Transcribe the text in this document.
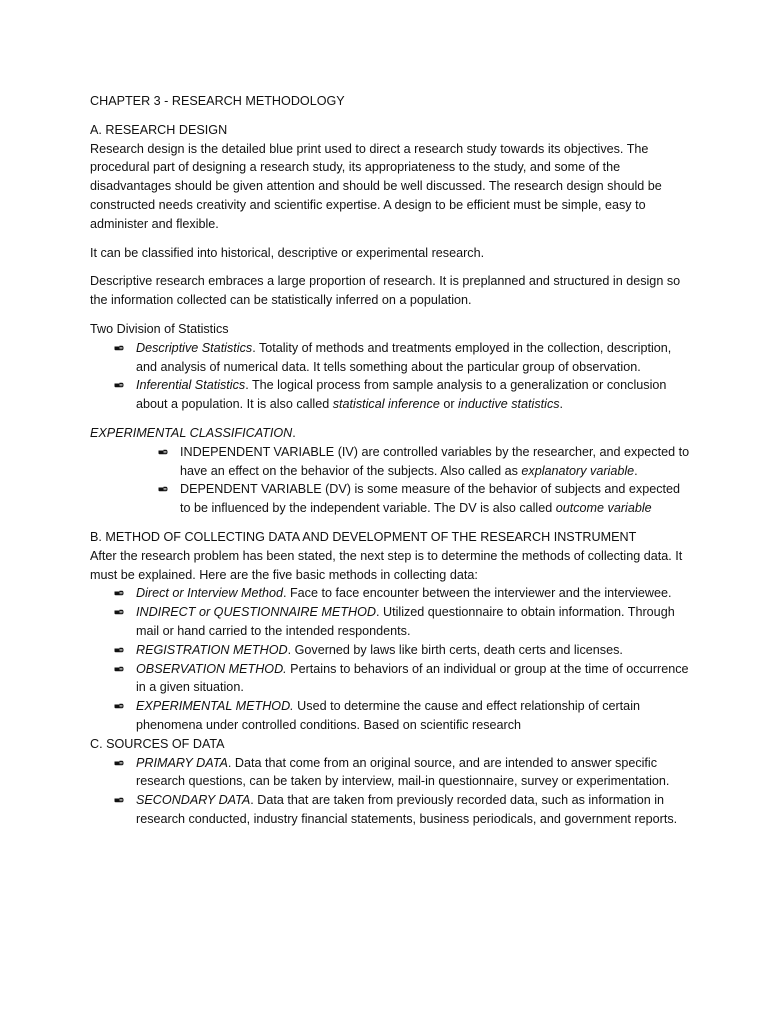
CHAPTER 3 - RESEARCH METHODOLOGY

A. RESEARCH DESIGN

Research design is the detailed blue print used to direct a research study towards its objectives. The procedural part of designing a research study, its appropriateness to the study, and some of the disadvantages should be given attention and should be well discussed. The research design should be constructed needs creativity and scientific expertise. A design to be efficient must be simple, easy to administer and flexible.

It can be classified into historical, descriptive or experimental research.

Descriptive research embraces a large proportion of research. It is preplanned and structured in design so the information collected can be statistically inferred on a population.

Two Division of Statistics

Descriptive Statistics. Totality of methods and treatments employed in the collection, description, and analysis of numerical data. It tells something about the particular group of observation.
Inferential Statistics. The logical process from sample analysis to a generalization or conclusion about a population. It is also called statistical inference or inductive statistics.

EXPERIMENTAL CLASSIFICATION.

INDEPENDENT VARIABLE (IV) are controlled variables by the researcher, and expected to have an effect on the behavior of the subjects. Also called as explanatory variable.
DEPENDENT VARIABLE (DV) is some measure of the behavior of subjects and expected to be influenced by the independent variable. The DV is also called outcome variable

B. METHOD OF COLLECTING DATA AND DEVELOPMENT OF THE RESEARCH INSTRUMENT

After the research problem has been stated, the next step is to determine the methods of collecting data. It must be explained. Here are the five basic methods in collecting data:

Direct or Interview Method. Face to face encounter between the interviewer and the interviewee.
INDIRECT or QUESTIONNAIRE METHOD. Utilized questionnaire to obtain information. Through mail or hand carried to the intended respondents.
REGISTRATION METHOD. Governed by laws like birth certs, death certs and licenses.
OBSERVATION METHOD. Pertains to behaviors of an individual or group at the time of occurrence in a given situation.
EXPERIMENTAL METHOD. Used to determine the cause and effect relationship of certain phenomena under controlled conditions. Based on scientific research

C. SOURCES OF DATA

PRIMARY DATA. Data that come from an original source, and are intended to answer specific research questions, can be taken by interview, mail-in questionnaire, survey or experimentation.
SECONDARY DATA. Data that are taken from previously recorded data, such as information in research conducted, industry financial statements, business periodicals, and government reports.
